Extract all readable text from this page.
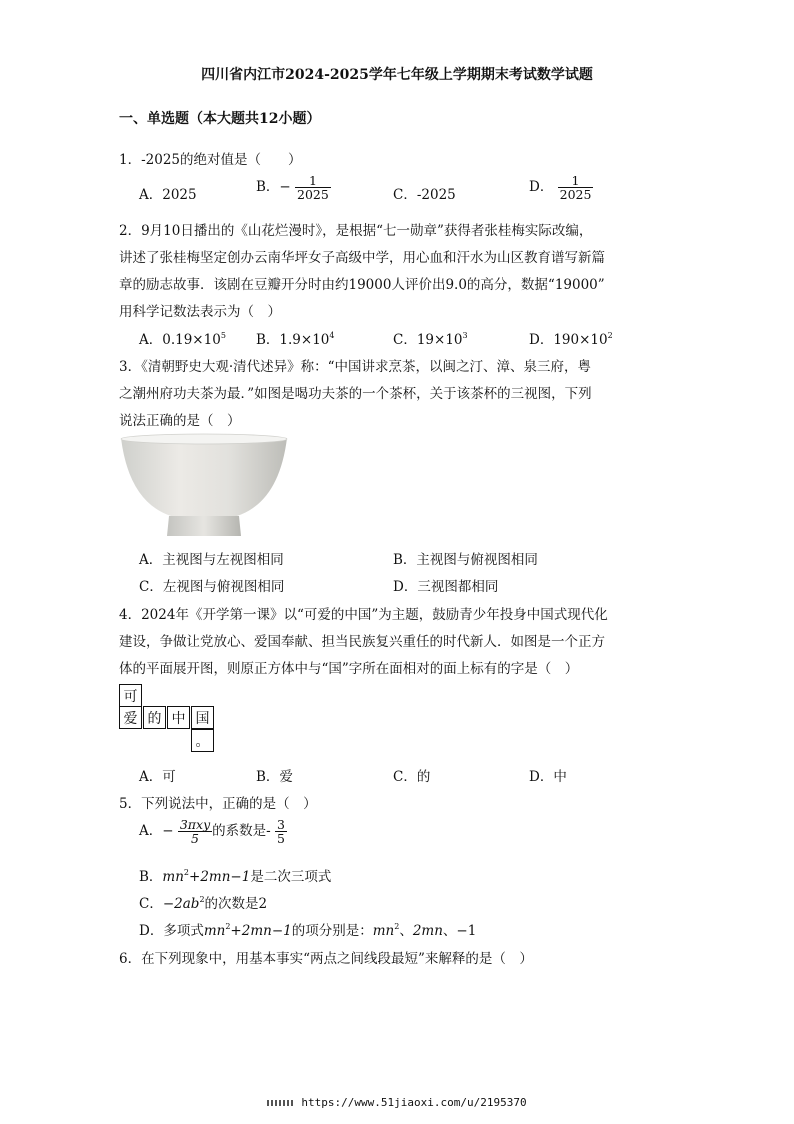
四川省内江市2024-2025学年七年级上学期期末考试数学试题
一、单选题（本大题共12小题）
1．-2025的绝对值是（　　）
A．2025	B．− $\frac{1}{2025}$	C．-2025	D． $\frac{1}{2025}$
2．9月10日播出的《山花烂漫时》，是根据“七一勋章”获得者张桂梅实际改编，
讲述了张桂梅坚定创办云南华坪女子高级中学，用心血和汗水为山区教育谱写新篇
章的励志故事．该剧在豆瓣开分时由约19000人评价出9.0的高分，数据“19000”
用科学记数法表示为（　）
A．$0.19\times 10^5$ B．$1.9\times 10^4$	C．$19\times 10^3$	D．$190\times 10^2$
3．《清朝野史大观·清代述异》称：“中国讲求烹茶，以闽之汀、漳、泉三府，粤
之潮州府功夫茶为最．”如图是喝功夫茶的一个茶杯，关于该茶杯的三视图，下列
说法正确的是（　）
A．主视图与左视图相同	B．主视图与俯视图相同
C．左视图与俯视图相同	D．三视图都相同
4．2024年《开学第一课》以“可爱的中国”为主题，鼓励青少年投身中国式现代化
建设，争做让党放心、爱国奉献、担当民族复兴重任的时代新人．如图是一个正方
体的平面展开图，则原正方体中与“国”字所在面相对的面上标有的字是（　）
可
爱 的 中 国
。
A．可	B．爱	C．的	D．中
5．下列说法中，正确的是（　）
A．− $\frac{\text{3πxy}}{5}$ 的系数是- $\frac{3}{5}$
B．$mn^2+2mn-1$是二次三项式
C．$-2ab^2$的次数是2
D．多项式$mn^2+2mn-1$的项分别是：$mn^2$、2mn、−1
6．在下列现象中，用基本事实“两点之间线段最短”来解释的是（　）
https://www.51jiaoxi.com/u/2195370
